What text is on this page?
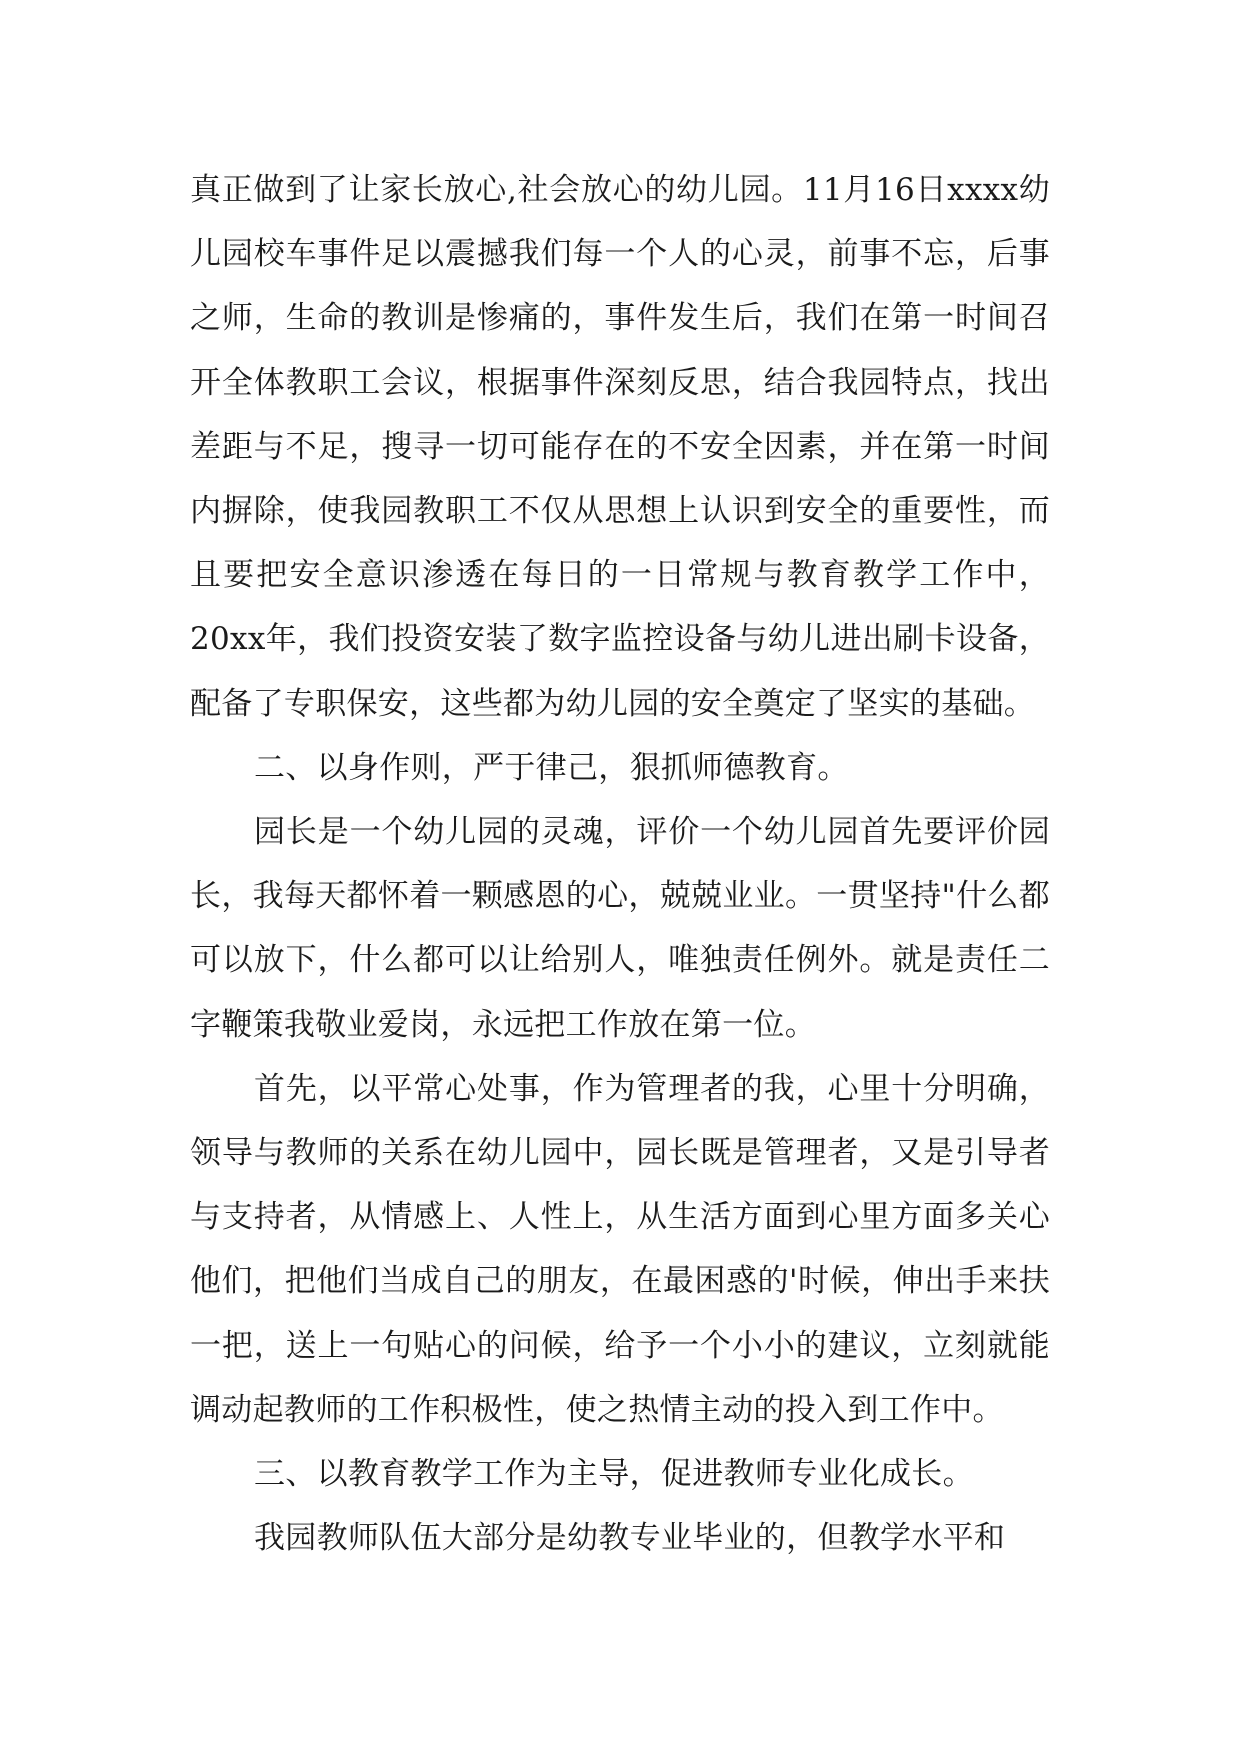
真正做到了让家长放心,社会放心的幼儿园。11月16日xxxx幼儿园校车事件足以震撼我们每一个人的心灵，前事不忘，后事之师，生命的教训是惨痛的，事件发生后，我们在第一时间召开全体教职工会议，根据事件深刻反思，结合我园特点，找出差距与不足，搜寻一切可能存在的不安全因素，并在第一时间内摒除，使我园教职工不仅从思想上认识到安全的重要性，而且要把安全意识渗透在每日的一日常规与教育教学工作中，20xx年，我们投资安装了数字监控设备与幼儿进出刷卡设备，配备了专职保安，这些都为幼儿园的安全奠定了坚实的基础。

二、以身作则，严于律己，狠抓师德教育。

园长是一个幼儿园的灵魂，评价一个幼儿园首先要评价园长，我每天都怀着一颗感恩的心，兢兢业业。一贯坚持"什么都可以放下，什么都可以让给别人，唯独责任例外。就是责任二字鞭策我敬业爱岗，永远把工作放在第一位。

首先，以平常心处事，作为管理者的我，心里十分明确，领导与教师的关系在幼儿园中，园长既是管理者，又是引导者与支持者，从情感上、人性上，从生活方面到心里方面多关心他们，把他们当成自己的朋友，在最困惑的'时候，伸出手来扶一把，送上一句贴心的问候，给予一个小小的建议，立刻就能调动起教师的工作积极性，使之热情主动的投入到工作中。

三、以教育教学工作为主导，促进教师专业化成长。

我园教师队伍大部分是幼教专业毕业的，但教学水平和
